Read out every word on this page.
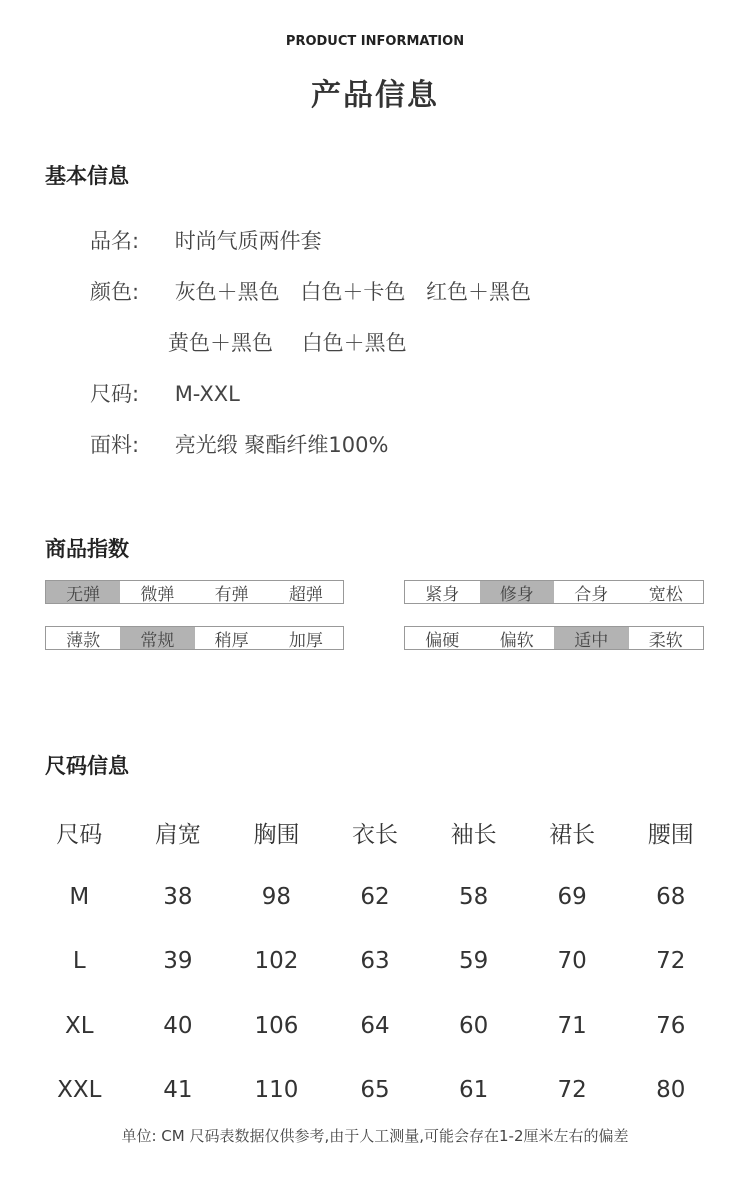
PRODUCT INFORMATION
产品信息
基本信息
品名: 时尚气质两件套
颜色: 灰色＋黑色 白色＋卡色 红色＋黑色
黄色＋黑色 白色＋黑色
尺码: M-XXL
面料: 亮光缎 聚酯纤维100%
商品指数
无弹	微弹	有弹	超弹	紧身	修身	合身	宽松
薄款	常规	稍厚	加厚	偏硬	偏软	适中	柔软
尺码信息
尺码	肩宽	胸围	衣长	袖长	裙长	腰围
M	38	98	62	58	69	68
L	39	102	63	59	70	72
XL	40	106	64	60	71	76
XXL	41	110	65	61	72	80
单位: CM 尺码表数据仅供参考,由于人工测量,可能会存在1-2厘米左右的偏差
